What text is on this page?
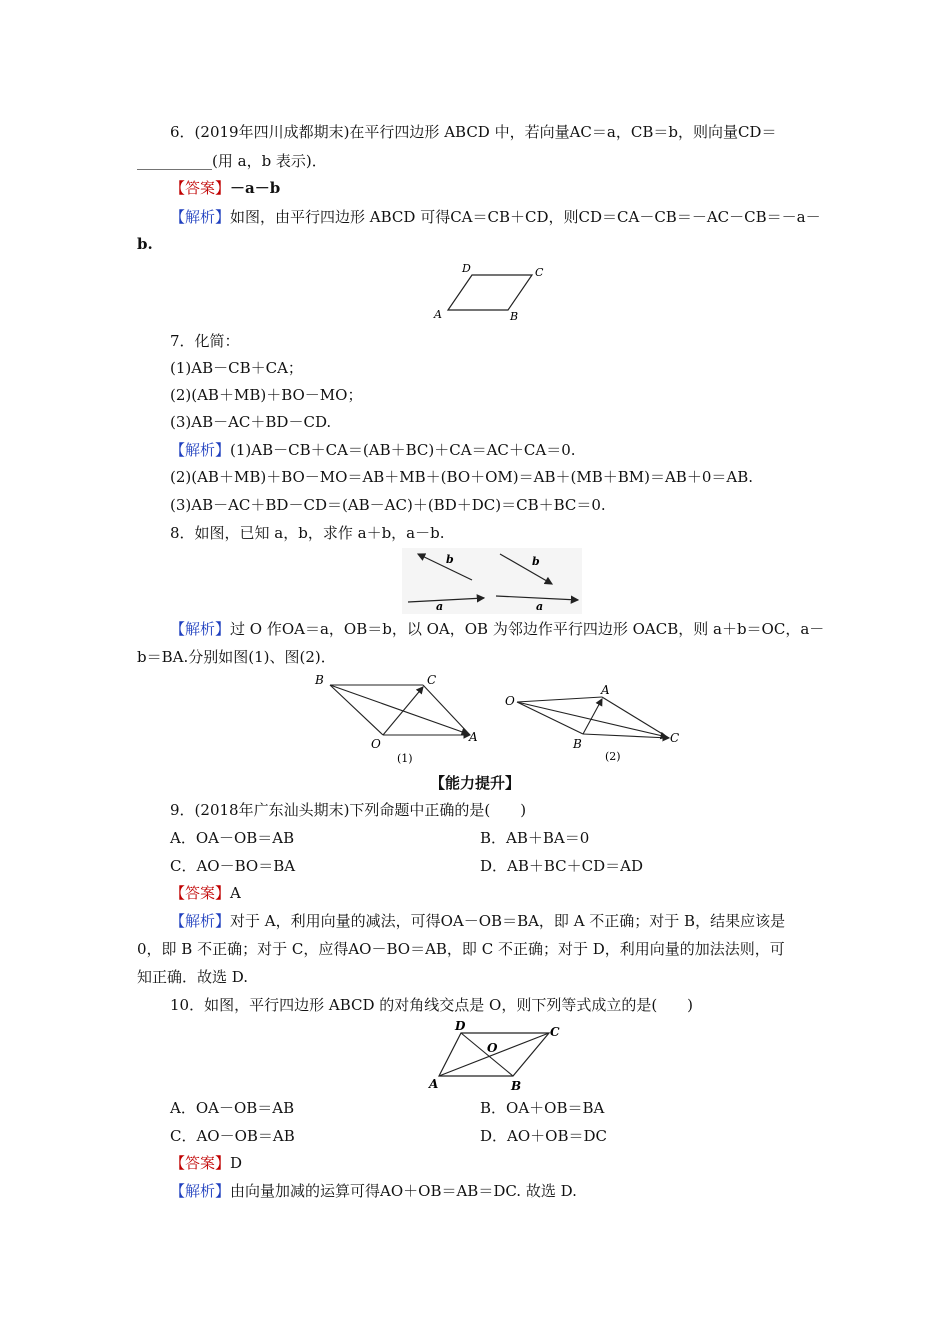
6．(2019年四川成都期末)在平行四边形 ABCD 中，若向量AC＝a，CB＝b，则向量CD＝
__________(用 a，b 表示)．
【答案】－a－b
【解析】如图，由平行四边形 ABCD 可得CA＝CB＋CD，则CD＝CA－CB＝－AC－CB＝－a－
b.
A	B
C
D
7．化简：
(1)AB－CB＋CA；
(2)(AB＋MB)＋BO－MO；
(3)AB－AC＋BD－CD.
【解析】(1)AB－CB＋CA＝(AB＋BC)＋CA＝AC＋CA＝0.
(2)(AB＋MB)＋BO－MO＝AB＋MB＋(BO＋OM)＝AB＋(MB＋BM)＝AB＋0＝AB.
(3)AB－AC＋BD－CD＝(AB－AC)＋(BD＋DC)＝CB＋BC＝0.
8．如图，已知 a，b，求作 a＋b，a－b.
b
a
b
a
【解析】过 O 作OA＝a，OB＝b，以 OA，OB 为邻边作平行四边形 OACB，则 a＋b＝OC，a－
b＝BA.分别如图(1)、图(2)．
B	C
O	A
(1)
O
A
B	C
(2)
【能力提升】
9．(2018年广东汕头期末)下列命题中正确的是(　　)
A．OA－OB＝AB	B．AB＋BA＝0
C．AO－BO＝BA	D．AB＋BC＋CD＝AD
【答案】A
【解析】对于 A，利用向量的减法，可得OA－OB＝BA，即 A 不正确；对于 B，结果应该是
0，即 B 不正确；对于 C，应得AO－BO＝AB，即 C 不正确；对于 D，利用向量的加法法则，可
知正确．故选 D.
10．如图，平行四边形 ABCD 的对角线交点是 O，则下列等式成立的是(　　)
A	B
C
D
O
A．OA－OB＝AB	B．OA＋OB＝BA
C．AO－OB＝AB	D．AO＋OB＝DC
【答案】D
【解析】由向量加减的运算可得AO＋OB＝AB＝DC. 故选 D.
